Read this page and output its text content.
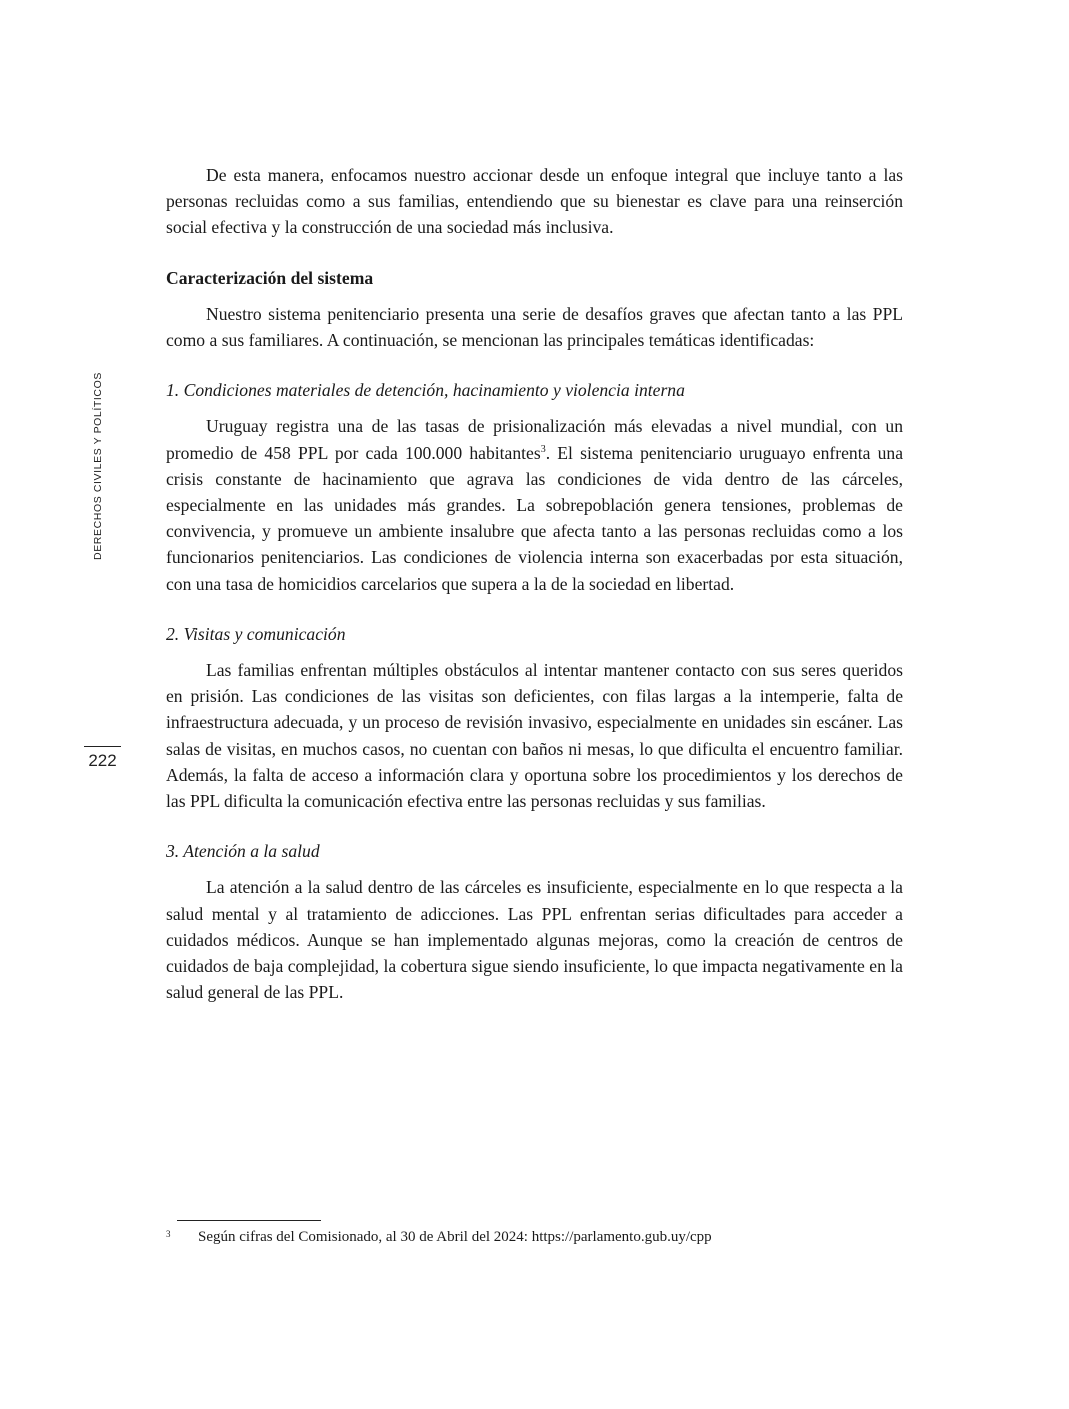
DERECHOS CIVILES Y POLÍTICOS
222

De esta manera, enfocamos nuestro accionar desde un enfoque integral que incluye tanto a las personas recluidas como a sus familias, entendiendo que su bienestar es clave para una reinserción social efectiva y la construcción de una sociedad más inclusiva.

Caracterización del sistema

Nuestro sistema penitenciario presenta una serie de desafíos graves que afectan tanto a las PPL como a sus familiares. A continuación, se mencionan las principales temáticas identificadas:

1. Condiciones materiales de detención, hacinamiento y violencia interna

Uruguay registra una de las tasas de prisionalización más elevadas a nivel mundial, con un promedio de 458 PPL por cada 100.000 habitantes$^3$. El sistema penitenciario uruguayo enfrenta una crisis constante de hacinamiento que agrava las condiciones de vida dentro de las cárceles, especialmente en las unidades más grandes. La sobrepoblación genera tensiones, problemas de convivencia, y promueve un ambiente insalubre que afecta tanto a las personas recluidas como a los funcionarios penitenciarios. Las condiciones de violencia interna son exacerbadas por esta situación, con una tasa de homicidios carcelarios que supera a la de la sociedad en libertad.

2. Visitas y comunicación

Las familias enfrentan múltiples obstáculos al intentar mantener contacto con sus seres queridos en prisión. Las condiciones de las visitas son deficientes, con filas largas a la intemperie, falta de infraestructura adecuada, y un proceso de revisión invasivo, especialmente en unidades sin escáner. Las salas de visitas, en muchos casos, no cuentan con baños ni mesas, lo que dificulta el encuentro familiar. Además, la falta de acceso a información clara y oportuna sobre los procedimientos y los derechos de las PPL dificulta la comunicación efectiva entre las personas recluidas y sus familias.

3. Atención a la salud

La atención a la salud dentro de las cárceles es insuficiente, especialmente en lo que respecta a la salud mental y al tratamiento de adicciones. Las PPL enfrentan serias dificultades para acceder a cuidados médicos. Aunque se han implementado algunas mejoras, como la creación de centros de cuidados de baja complejidad, la cobertura sigue siendo insuficiente, lo que impacta negativamente en la salud general de las PPL.

3 Según cifras del Comisionado, al 30 de Abril del 2024: https://parlamento.gub.uy/cpp
